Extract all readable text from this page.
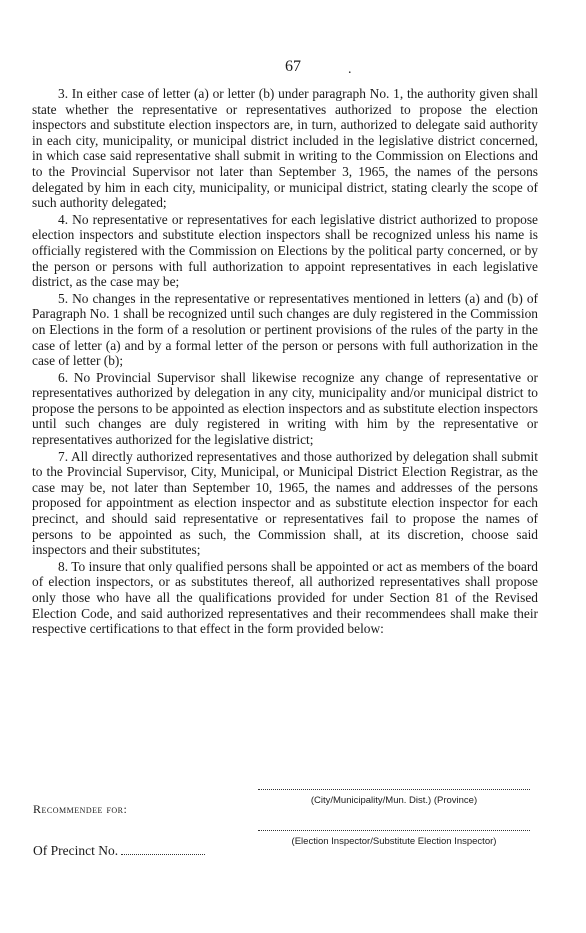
67	.

3. In either case of letter (a) or letter (b) under paragraph No. 1, the authority given shall state whether the representative or representatives authorized to propose the election inspectors and substitute election inspectors are, in turn, authorized to delegate said authority in each city, municipality, or municipal district included in the legislative district concerned, in which case said representative shall submit in writing to the Commission on Elections and to the Provincial Supervisor not later than September 3, 1965, the names of the persons delegated by him in each city, municipality, or municipal district, stating clearly the scope of such authority delegated;

4. No representative or representatives for each legislative district authorized to propose election inspectors and substitute election inspectors shall be recognized unless his name is officially registered with the Commission on Elections by the political party concerned, or by the person or persons with full authorization to appoint representatives in each legislative district, as the case may be;

5. No changes in the representative or representatives mentioned in letters (a) and (b) of Paragraph No. 1 shall be recognized until such changes are duly registered in the Commission on Elections in the form of a resolution or pertinent provisions of the rules of the party in the case of letter (a) and by a formal letter of the person or persons with full authorization in the case of letter (b);

6. No Provincial Supervisor shall likewise recognize any change of representative or representatives authorized by delegation in any city, municipality and/or municipal district to propose the persons to be appointed as election inspectors and as substitute election inspectors until such changes are duly registered in writing with him by the representative or representatives authorized for the legislative district;

7. All directly authorized representatives and those authorized by delegation shall submit to the Provincial Supervisor, City, Municipal, or Municipal District Election Registrar, as the case may be, not later than September 10, 1965, the names and addresses of the persons proposed for appointment as election inspector and as substitute election inspector for each precinct, and should said representative or representatives fail to propose the names of persons to be appointed as such, the Commission shall, at its discretion, choose said inspectors and their substitutes;

8. To insure that only qualified persons shall be appointed or act as members of the board of election inspectors, or as substitutes thereof, all authorized representatives shall propose only those who have all the qualifications provided for under Section 81 of the Revised Election Code, and said authorized representatives and their recommendees shall make their respective certifications to that effect in the form provided below:

(City/Municipality/Mun. Dist.) (Province)
Recommendee for:
(Election Inspector/Substitute Election Inspector)
Of Precinct No.
